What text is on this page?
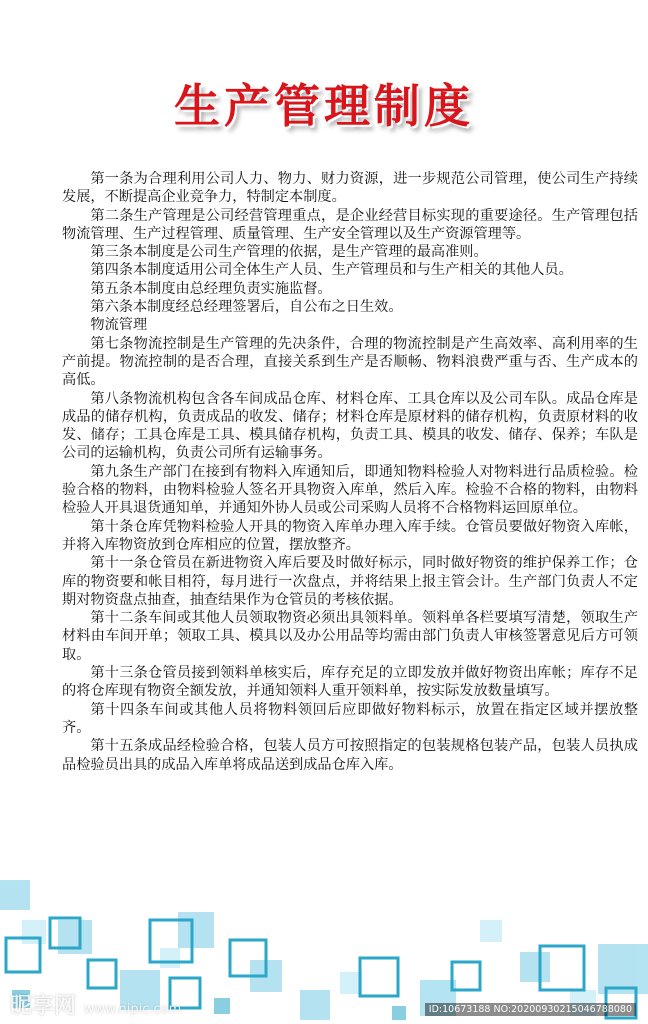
生产管理制度

第一条为合理利用公司人力、物力、财力资源，进一步规范公司管理，使公司生产持续发展，不断提高企业竞争力，特制定本制度。

第二条生产管理是公司经营管理重点，是企业经营目标实现的重要途径。生产管理包括物流管理、生产过程管理、质量管理、生产安全管理以及生产资源管理等。

第三条本制度是公司生产管理的依据，是生产管理的最高准则。

第四条本制度适用公司全体生产人员、生产管理员和与生产相关的其他人员。

第五条本制度由总经理负责实施监督。

第六条本制度经总经理签署后，自公布之日生效。

物流管理

第七条物流控制是生产管理的先决条件，合理的物流控制是产生高效率、高利用率的生产前提。物流控制的是否合理，直接关系到生产是否顺畅、物料浪费严重与否、生产成本的高低。

第八条物流机构包含各车间成品仓库、材料仓库、工具仓库以及公司车队。成品仓库是成品的储存机构，负责成品的收发、储存；材料仓库是原材料的储存机构，负责原材料的收发、储存；工具仓库是工具、模具储存机构，负责工具、模具的收发、储存、保养；车队是公司的运输机构，负责公司所有运输事务。

第九条生产部门在接到有物料入库通知后，即通知物料检验人对物料进行品质检验。检验合格的物料，由物料检验人签名开具物资入库单，然后入库。检验不合格的物料，由物料检验人开具退货通知单，并通知外协人员或公司采购人员将不合格物料运回原单位。

第十条仓库凭物料检验人开具的物资入库单办理入库手续。仓管员要做好物资入库帐，并将入库物资放到仓库相应的位置，摆放整齐。

第十一条仓管员在新进物资入库后要及时做好标示，同时做好物资的维护保养工作；仓库的物资要和帐目相符，每月进行一次盘点，并将结果上报主管会计。生产部门负责人不定期对物资盘点抽查，抽查结果作为仓管员的考核依据。

第十二条车间或其他人员领取物资必须出具领料单。领料单各栏要填写清楚，领取生产材料由车间开单；领取工具、模具以及办公用品等均需由部门负责人审核签署意见后方可领取。

第十三条仓管员接到领料单核实后，库存充足的立即发放并做好物资出库帐；库存不足的将仓库现有物资全额发放，并通知领料人重开领料单，按实际发放数量填写。

第十四条车间或其他人员将物料领回后应即做好物料标示，放置在指定区域并摆放整齐。

第十五条成品经检验合格，包装人员方可按照指定的包装规格包装产品，包装人员执成品检验员出具的成品入库单将成品送到成品仓库入库。

昵享网 www.nipic.com	ID:10673188 NO:20200930215046788080
